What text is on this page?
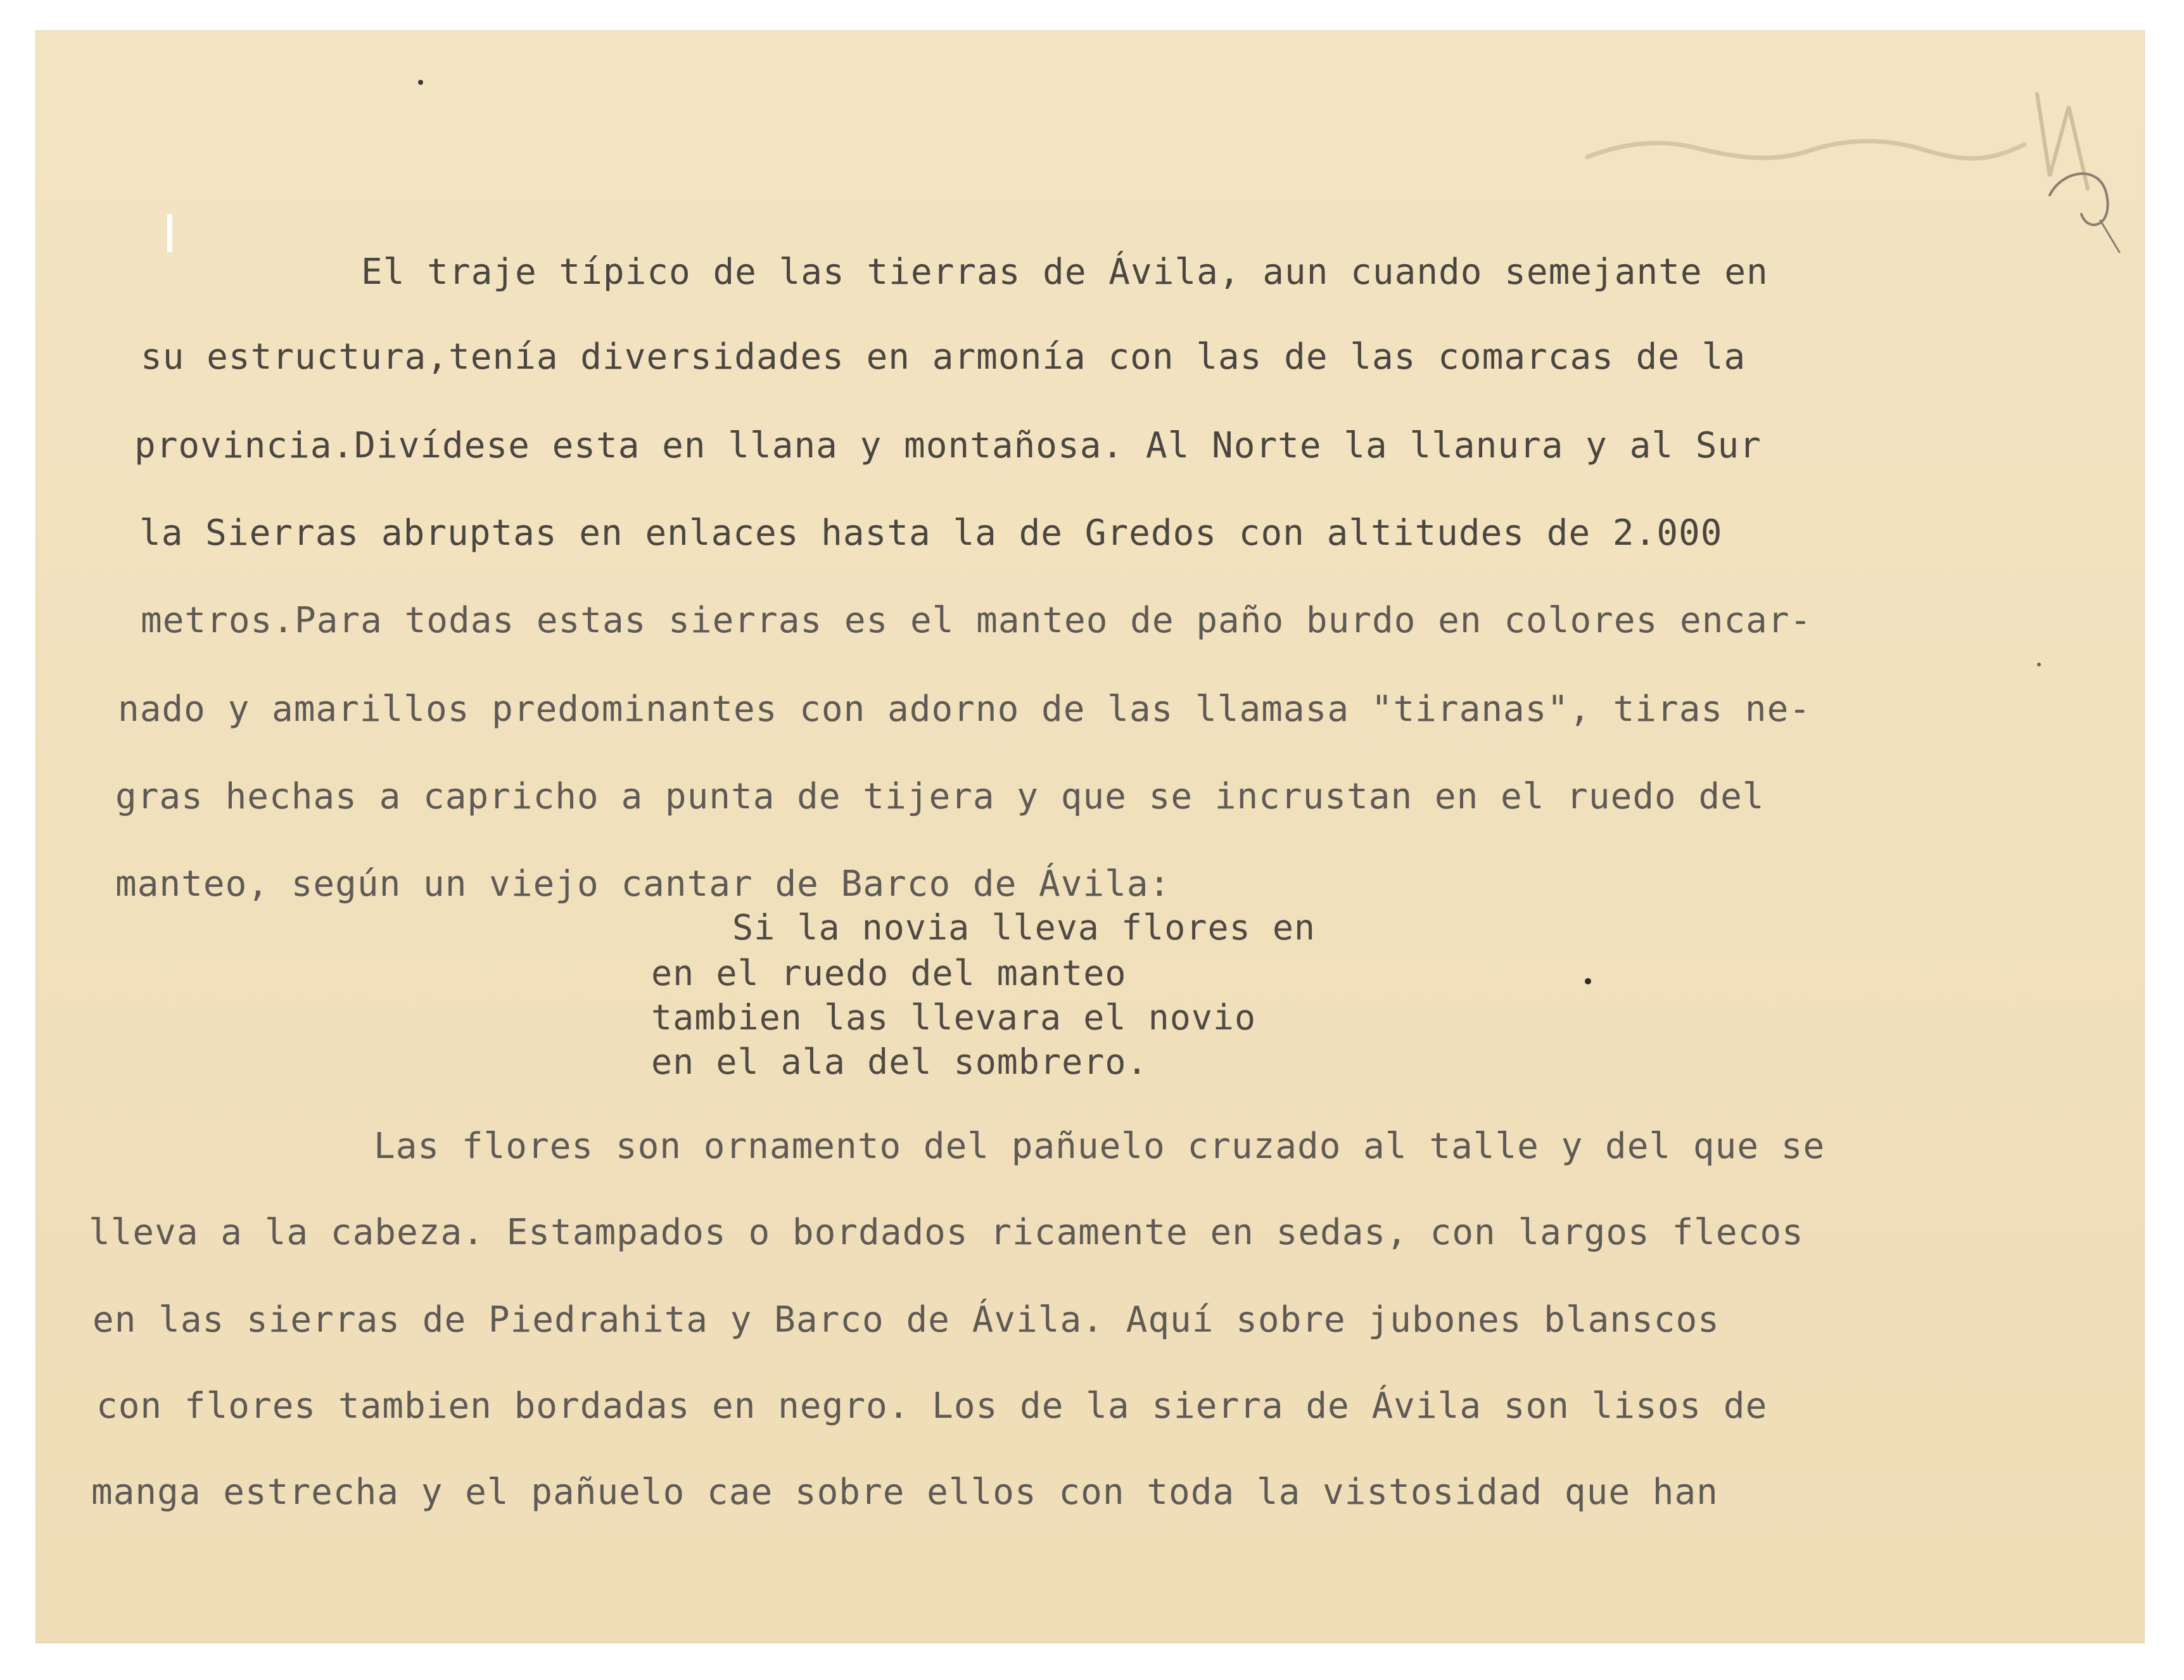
El traje típico de las tierras de Ávila, aun cuando semejante en
su estructura,tenía diversidades en armonía con las de las comarcas de la
provincia.Divídese esta en llana y montañosa. Al Norte la llanura y al Sur
la Sierras abruptas en enlaces hasta la de Gredos con altitudes de 2.000
metros.Para todas estas sierras es el manteo de paño burdo en colores encar-
nado y amarillos predominantes con adorno de las llamasa "tiranas", tiras ne-
gras hechas a capricho a punta de tijera y que se incrustan en el ruedo del
manteo, según un viejo cantar de Barco de Ávila:
Si la novia lleva flores en
en el ruedo del manteo
tambien las llevara el novio
en el ala del sombrero.
Las flores son ornamento del pañuelo cruzado al talle y del que se
lleva a la cabeza. Estampados o bordados ricamente en sedas, con largos flecos
en las sierras de Piedrahita y Barco de Ávila. Aquí sobre jubones blanscos
con flores tambien bordadas en negro. Los de la sierra de Ávila son lisos de
manga estrecha y el pañuelo cae sobre ellos con toda la vistosidad que han
